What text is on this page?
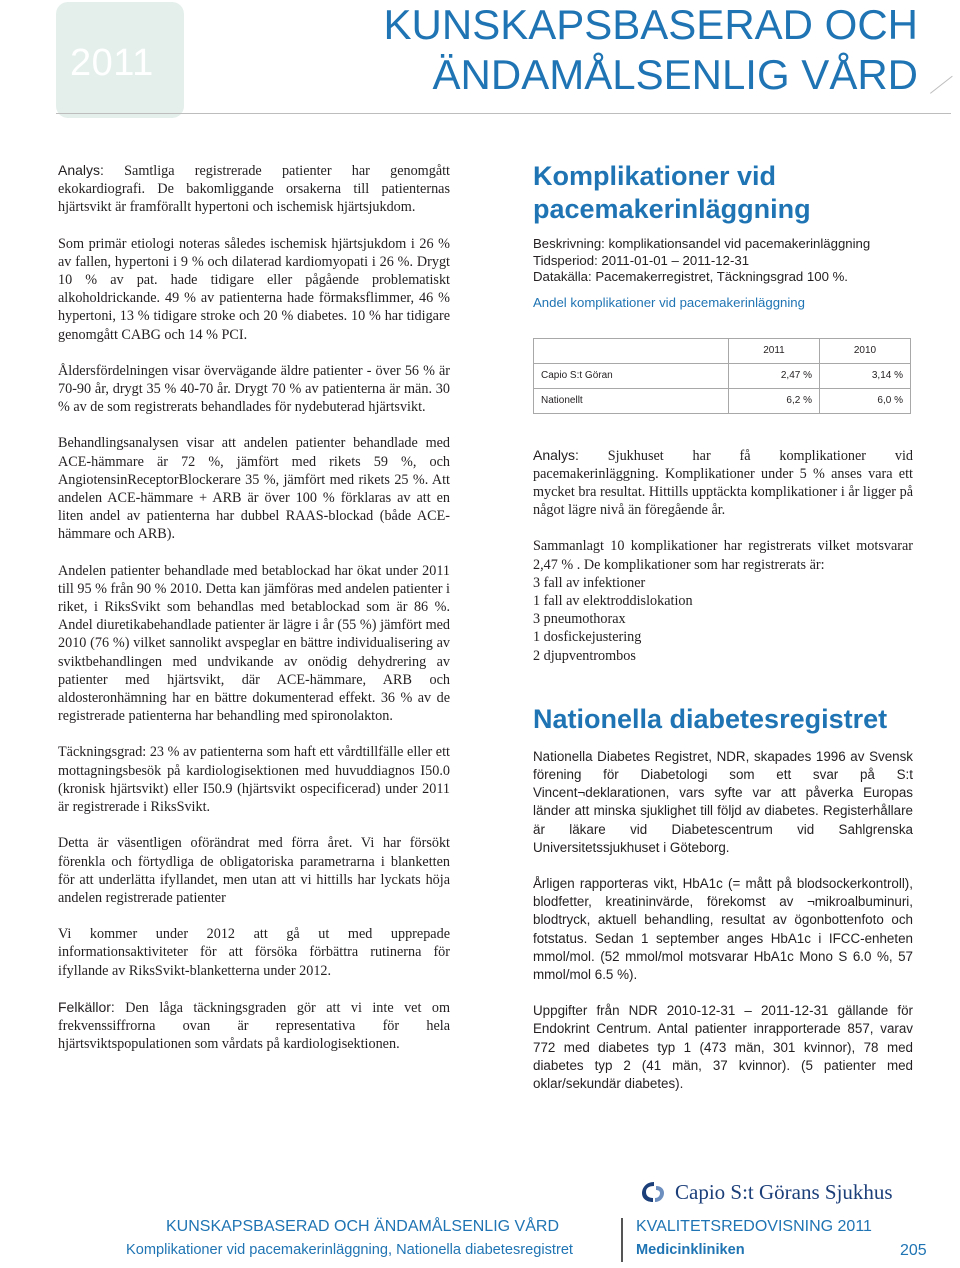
2011
KUNSKAPSBASERAD OCH
ÄNDAMÅLSENLIG VÅRD

Analys: Samtliga registrerade patienter har genomgått ekokardiografi. De bakomliggande orsakerna till patienternas hjärtsvikt är framförallt hypertoni och ischemisk hjärtsjukdom.

Som primär etiologi noteras således ischemisk hjärtsjukdom i 26 % av fallen, hypertoni i 9 % och dilaterad kardiomyopati i 26 %. Drygt 10 % av pat. hade tidigare eller pågående problematiskt alkoholdrickande. 49 % av patienterna hade förmaksflimmer, 46 % hypertoni, 13 % tidigare stroke och 20 % diabetes. 10 % har tidigare genomgått CABG och 14 % PCI.

Åldersfördelningen visar övervägande äldre patienter - över 56 % är 70-90 år, drygt 35 % 40-70 år. Drygt 70 % av patienterna är män. 30 % av de som registrerats behandlades för nydebuterad hjärtsvikt.

Behandlingsanalysen visar att andelen patienter behandlade med ACE-hämmare är 72 %, jämfört med rikets 59 %, och AngiotensinReceptorBlockerare 35 %, jämfört med rikets 25 %. Att andelen ACE-hämmare + ARB är över 100 % förklaras av att en liten andel av patienterna har dubbel RAAS-blockad (både ACE-hämmare och ARB).

Andelen patienter behandlade med betablockad har ökat under 2011 till 95 % från 90 % 2010. Detta kan jämföras med andelen patienter i riket, i RiksSvikt som behandlas med betablockad som är 86 %. Andel diuretikabehandlade patienter är lägre i år (55 %) jämfört med 2010 (76 %) vilket sannolikt avspeglar en bättre individualisering av sviktbehandlingen med undvikande av onödig dehydrering av patienter med hjärtsvikt, där ACE-hämmare, ARB och aldosteronhämning har en bättre dokumenterad effekt. 36 % av de registrerade patienterna har behandling med spironolakton.

Täckningsgrad: 23 % av patienterna som haft ett vårdtillfälle eller ett mottagningsbesök på kardiologisektionen med huvuddiagnos I50.0 (kronisk hjärtsvikt) eller I50.9 (hjärtsvikt ospecificerad) under 2011 är registrerade i RiksSvikt.

Detta är väsentligen oförändrat med förra året. Vi har försökt förenkla och förtydliga de obligatoriska parametrarna i blanketten för att underlätta ifyllandet, men utan att vi hittills har lyckats höja andelen registrerade patienter

Vi kommer under 2012 att gå ut med upprepade informationsaktiviteter för att försöka förbättra rutinerna för ifyllande av RiksSvikt-blanketterna under 2012.

Felkällor: Den låga täckningsgraden gör att vi inte vet om frekvenssiffrorna ovan är representativa för hela hjärtsviktspopulationen som vårdats på kardiologisektionen.

Komplikationer vid pacemakerinläggning

Beskrivning: komplikationsandel vid pacemakerinläggning

Tidsperiod: 2011-01-01 – 2011-12-31

Datakälla: Pacemakerregistret, Täckningsgrad 100 %.

Andel komplikationer vid pacemakerinläggning

	2011	2010
Capio S:t Göran	2,47 %	3,14 %
Nationellt	6,2 %	6,0 %

Analys: Sjukhuset har få komplikationer vid pacemakerinläggning. Komplikationer under 5 % anses vara ett mycket bra resultat. Hittills upptäckta komplikationer i år ligger på något lägre nivå än föregående år.

Sammanlagt 10 komplikationer har registrerats vilket motsvarar 2,47 % . De komplikationer som har registrerats är:

3 fall av infektioner

1 fall av elektroddislokation

3 pneumothorax

1 dosfickejustering

2 djupventrombos

Nationella diabetesregistret

Nationella Diabetes Registret, NDR, skapades 1996 av Svensk förening för Diabetologi som ett svar på S:t Vincent¬deklarationen, vars syfte var att påverka Europas länder att minska sjuklighet till följd av diabetes. Registerhållare är läkare vid Diabetescentrum vid Sahlgrenska Universitetssjukhuset i Göteborg.

Årligen rapporteras vikt, HbA1c (= mått på blodsockerkontroll), blodfetter, kreatininvärde, förekomst av ¬mikroalbuminuri, blodtryck, aktuell behandling, resultat av ögonbottenfoto och fotstatus. Sedan 1 september anges HbA1c i IFCC-enheten mmol/mol. (52 mmol/mol motsvarar HbA1c Mono S 6.0 %, 57 mmol/mol 6.5 %).

Uppgifter från NDR 2010-12-31 – 2011-12-31 gällande för Endokrint Centrum. Antal patienter inrapporterade 857, varav 772 med diabetes typ 1 (473 män, 301 kvinnor), 78 med diabetes typ 2 (41 män, 37 kvinnor). (5 patienter med oklar/sekundär diabetes).

Capio S:t Görans Sjukhus
KUNSKAPSBASERAD OCH ÄNDAMÅLSENLIG VÅRD
Komplikationer vid pacemakerinläggning, Nationella diabetesregistret
KVALITETSREDOVISNING 2011
Medicinkliniken	205
